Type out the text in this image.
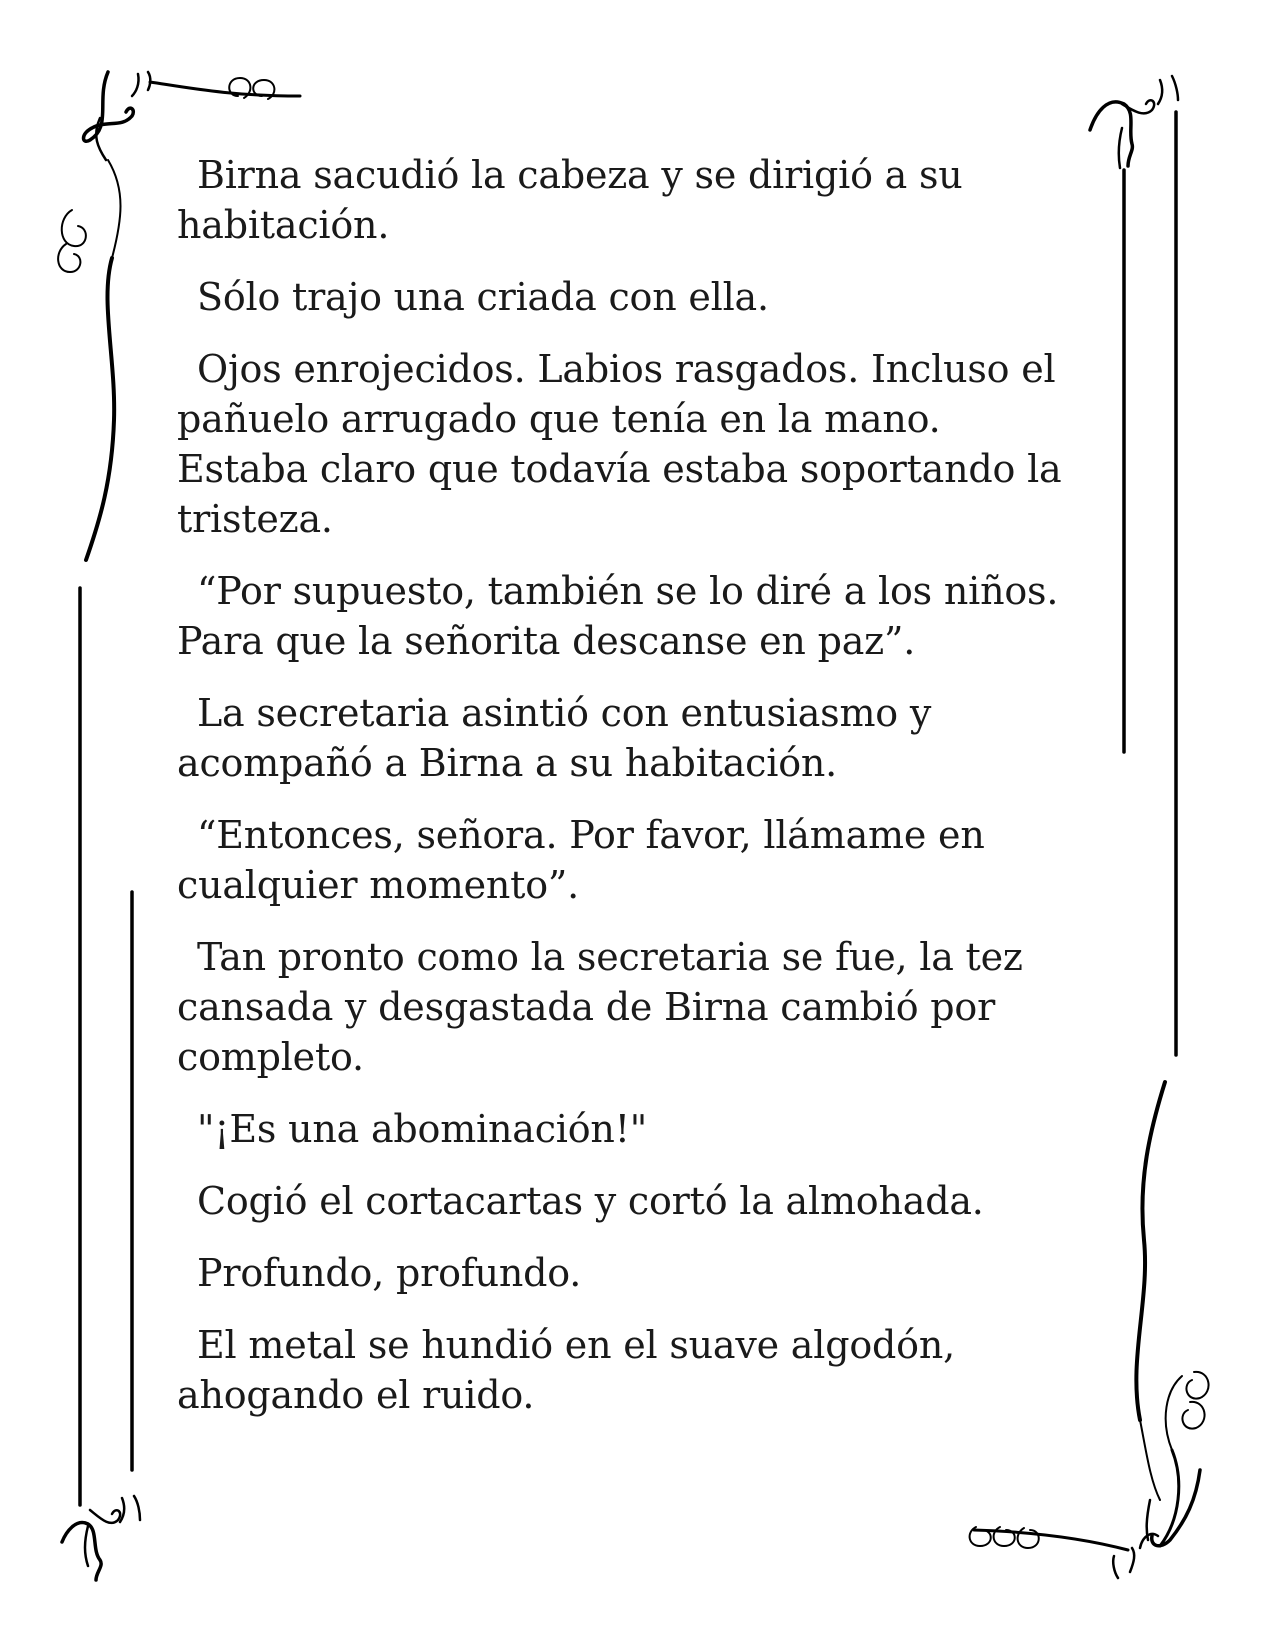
Birna sacudió la cabeza y se dirigió a su habitación.

Sólo trajo una criada con ella.

Ojos enrojecidos. Labios rasgados. Incluso el pañuelo arrugado que tenía en la mano. Estaba claro que todavía estaba soportando la tristeza.

“Por supuesto, también se lo diré a los niños. Para que la señorita descanse en paz”.

La secretaria asintió con entusiasmo y acompañó a Birna a su habitación.

“Entonces, señora. Por favor, llámame en cualquier momento”.

Tan pronto como la secretaria se fue, la tez cansada y desgastada de Birna cambió por completo.

"¡Es una abominación!"

Cogió el cortacartas y cortó la almohada.

Profundo, profundo.

El metal se hundió en el suave algodón, ahogando el ruido.
